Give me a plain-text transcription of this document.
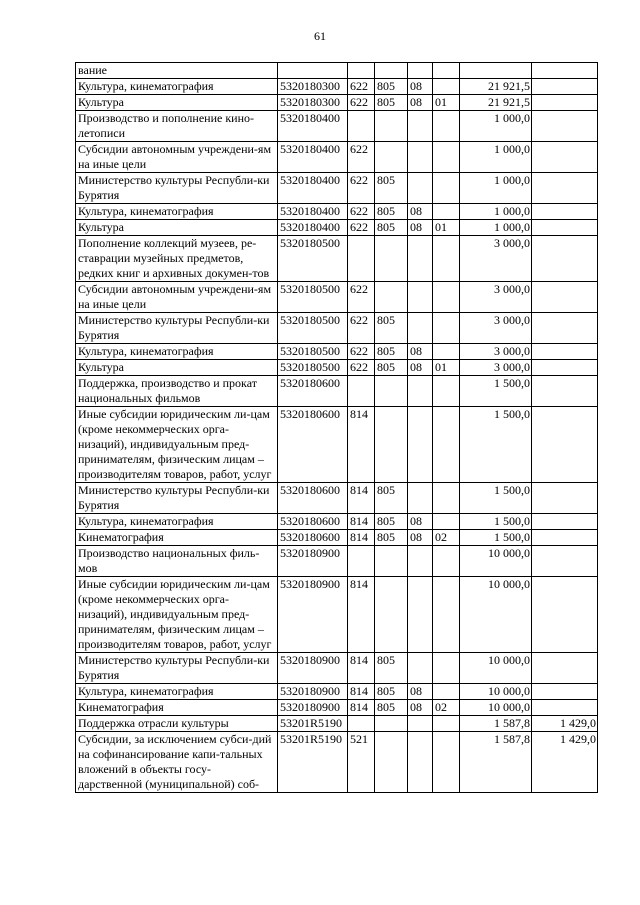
61
вание							
Культура, кинематография	5320180300	622	805	08		21 921,5	
Культура	5320180300	622	805	08	01	21 921,5	
Производство и пополнение кино-летописи	5320180400					1 000,0	
Субсидии автономным учреждени-ям на иные цели	5320180400	622				1 000,0	
Министерство культуры Республи-ки Бурятия	5320180400	622	805			1 000,0	
Культура, кинематография	5320180400	622	805	08		1 000,0	
Культура	5320180400	622	805	08	01	1 000,0	
Пополнение коллекций музеев, ре-ставрации музейных предметов, редких книг и архивных докумен-тов	5320180500					3 000,0	
Субсидии автономным учреждени-ям на иные цели	5320180500	622				3 000,0	
Министерство культуры Республи-ки Бурятия	5320180500	622	805			3 000,0	
Культура, кинематография	5320180500	622	805	08		3 000,0	
Культура	5320180500	622	805	08	01	3 000,0	
Поддержка, производство и прокат национальных фильмов	5320180600					1 500,0	
Иные субсидии юридическим ли-цам (кроме некоммерческих орга-низаций), индивидуальным пред-принимателям, физическим лицам – производителям товаров, работ, услуг	5320180600	814				1 500,0	
Министерство культуры Республи-ки Бурятия	5320180600	814	805			1 500,0	
Культура, кинематография	5320180600	814	805	08		1 500,0	
Кинематография	5320180600	814	805	08	02	1 500,0	
Производство национальных филь-мов	5320180900					10 000,0	
Иные субсидии юридическим ли-цам (кроме некоммерческих орга-низаций), индивидуальным пред-принимателям, физическим лицам – производителям товаров, работ, услуг	5320180900	814				10 000,0	
Министерство культуры Республи-ки Бурятия	5320180900	814	805			10 000,0	
Культура, кинематография	5320180900	814	805	08		10 000,0	
Кинематография	5320180900	814	805	08	02	10 000,0	
Поддержка отрасли культуры	53201R5190					1 587,8	1 429,0
Субсидии, за исключением субси-дий на софинансирование капи-тальных вложений в объекты госу-дарственной (муниципальной) соб-	53201R5190	521				1 587,8	1 429,0
